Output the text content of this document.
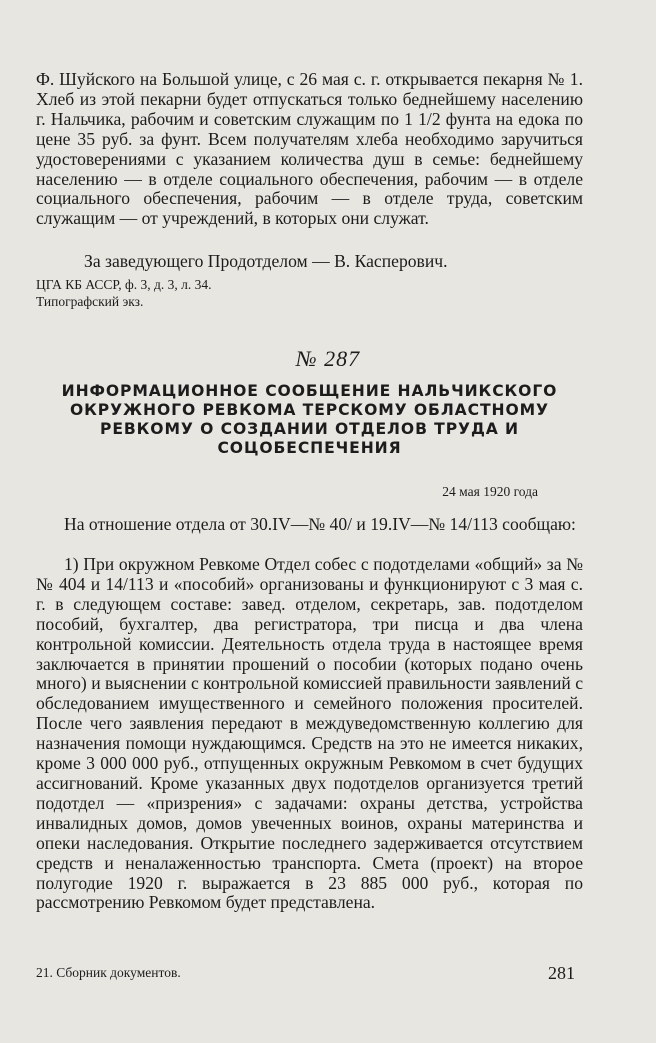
Ф. Шуйского на Большой улице, с 26 мая с. г. открывается пекарня № 1. Хлеб из этой пекарни будет отпускаться только беднейшему населению г. Нальчика, рабочим и советским служащим по 1 1/2 фунта на едока по цене 35 руб. за фунт. Всем получателям хлеба необходимо заручиться удостоверениями с указанием количества душ в семье: беднейшему населению — в отделе социального обеспечения, рабочим — в отделе социального обеспечения, рабочим — в отделе труда, советским служащим — от учреждений, в которых они служат.

За заведующего Продотделом — В. Касперович.
ЦГА КБ АССР, ф. 3, д. 3, л. 34.
Типографский экз.
№ 287
ИНФОРМАЦИОННОЕ СООБЩЕНИЕ НАЛЬЧИКСКОГО ОКРУЖНОГО РЕВКОМА ТЕРСКОМУ ОБЛАСТНОМУ РЕВКОМУ О СОЗДАНИИ ОТДЕЛОВ ТРУДА И СОЦОБЕСПЕЧЕНИЯ
24 мая 1920 года

На отношение отдела от 30.IV—№ 40/ и 19.IV—№ 14/113 сообщаю:

1) При окружном Ревкоме Отдел собес с подотделами «общий» за №№ 404 и 14/113 и «пособий» организованы и функционируют с 3 мая с. г. в следующем составе: завед. отделом, секретарь, зав. подотделом пособий, бухгалтер, два регистратора, три писца и два члена контрольной комиссии. Деятельность отдела труда в настоящее время заключается в принятии прошений о пособии (которых подано очень много) и выяснении с контрольной комиссией правильности заявлений с обследованием имущественного и семейного положения просителей. После чего заявления передают в междуведомственную коллегию для назначения помощи нуждающимся. Средств на это не имеется никаких, кроме 3 000 000 руб., отпущенных окружным Ревкомом в счет будущих ассигнований. Кроме указанных двух подотделов организуется третий подотдел — «призрения» с задачами: охраны детства, устройства инвалидных домов, домов увеченных воинов, охраны материнства и опеки наследования. Открытие последнего задерживается отсутствием средств и неналаженностью транспорта. Смета (проект) на второе полугодие 1920 г. выражается в 23 885 000 руб., которая по рассмотрению Ревкомом будет представлена.

21. Сборник документов.	281
